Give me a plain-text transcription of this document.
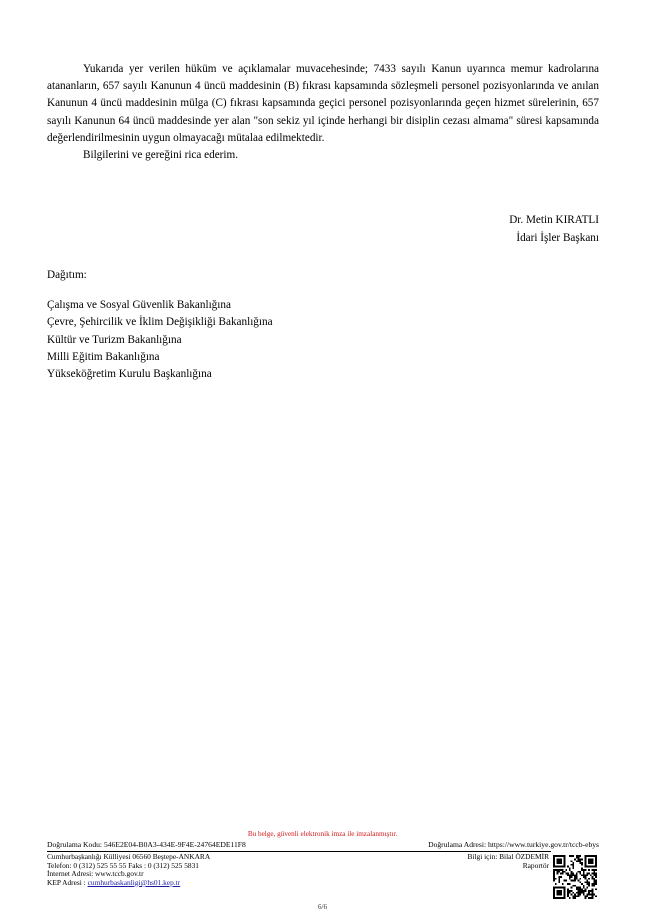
Yukarıda yer verilen hüküm ve açıklamalar muvacehesinde; 7433 sayılı Kanun uyarınca memur kadrolarına atananların, 657 sayılı Kanunun 4 üncü maddesinin (B) fıkrası kapsamında sözleşmeli personel pozisyonlarında ve anılan Kanunun 4 üncü maddesinin mülga (C) fıkrası kapsamında geçici personel pozisyonlarında geçen hizmet sürelerinin, 657 sayılı Kanunun 64 üncü maddesinde yer alan "son sekiz yıl içinde herhangi bir disiplin cezası almama" süresi kapsamında değerlendirilmesinin uygun olmayacağı mütalaa edilmektedir.

Bilgilerini ve gereğini rica ederim.

Dr. Metin KIRATLI
İdari İşler Başkanı
Dağıtım:
Çalışma ve Sosyal Güvenlik Bakanlığına
Çevre, Şehircilik ve İklim Değişikliği Bakanlığına
Kültür ve Turizm Bakanlığına
Milli Eğitim Bakanlığına
Yükseköğretim Kurulu Başkanlığına
Bu belge, güvenli elektronik imza ile imzalanmıştır.
Doğrulama Kodu: 546E2E04-B0A3-434E-9F4E-24764EDE11F8	Doğrulama Adresi: https://www.turkiye.gov.tr/tccb-ebys
Cumhurbaşkanlığı Külliyesi 06560 Beştepe-ANKARA
Telefon: 0 (312) 525 55 55 Faks : 0 (312) 525 5831
İnternet Adresi: www.tccb.gov.tr
KEP Adresi : cumhurbaskanligi@hs01.kep.tr
Bilgi için: Bilal ÖZDEMİR
Raportör
6/6
